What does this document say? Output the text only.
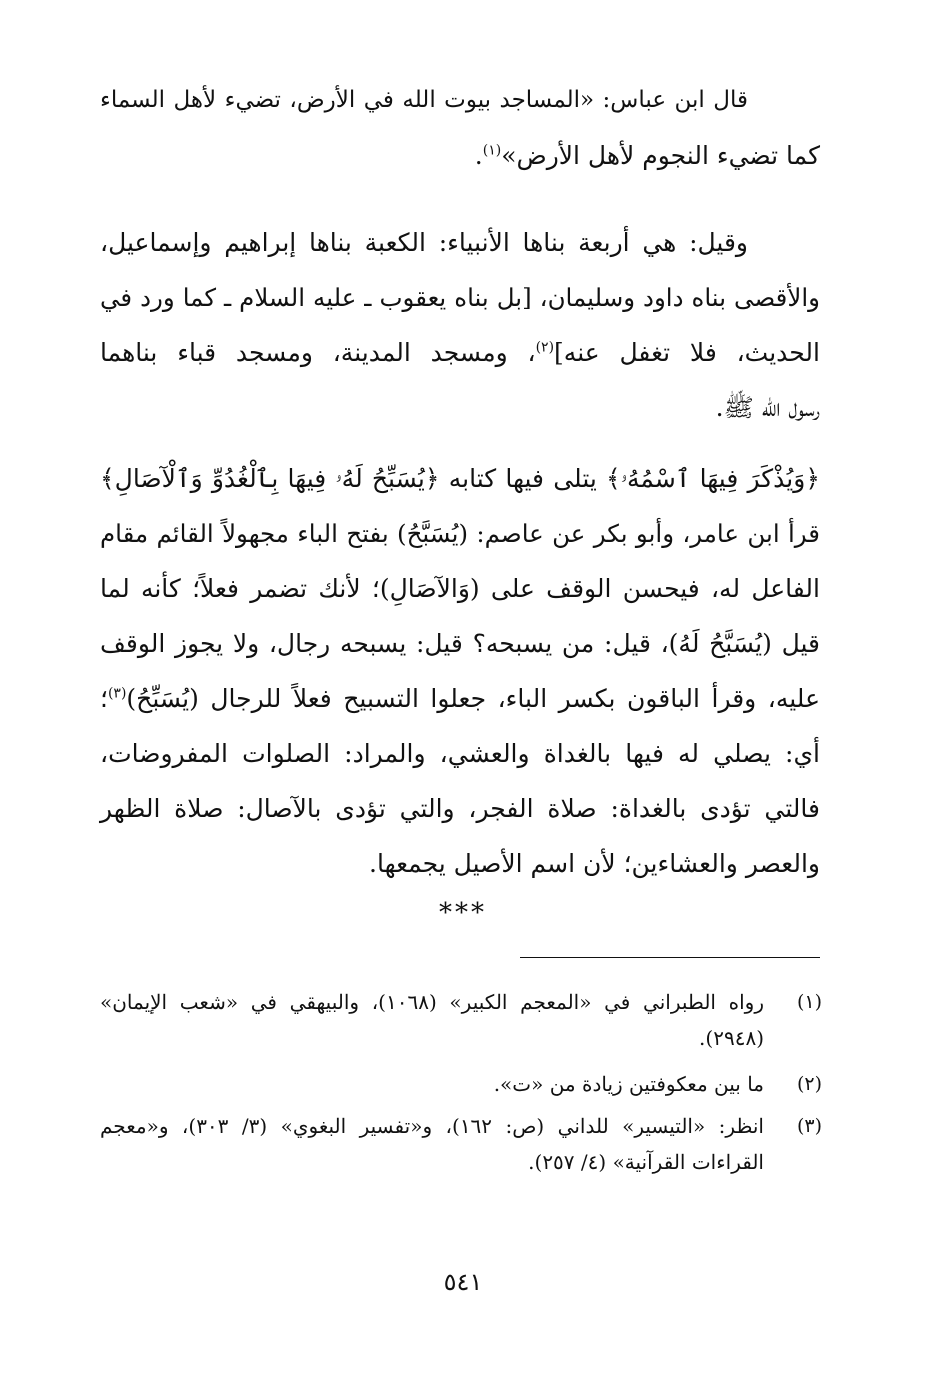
قال ابن عباس: «المساجد بيوت الله في الأرض، تضيء لأهل السماء
كما تضيء النجوم لأهل الأرض»$^{(١)}$.
وقيل: هي أربعة بناها الأنبياء: الكعبة بناها إبراهيم وإسماعيل،
والأقصى بناه داود وسليمان، [بل بناه يعقوب ـ عليه السلام ـ كما ورد في
الحديث، فلا تغفل عنه]$^{(٢)}$، ومسجد المدينة، ومسجد قباء بناهما
رسول الله ﷺ.
﴿وَيُذْكَرَ فِيهَا ٱسْمُهُۥ﴾ يتلى فيها كتابه ﴿يُسَبِّحُ لَهُۥ فِيهَا بِٱلْغُدُوِّ وَٱلْآصَالِ﴾
قرأ ابن عامر، وأبو بكر عن عاصم: (يُسَبَّحُ) بفتح الباء مجهولاً القائم مقام
الفاعل له، فيحسن الوقف على (وَالآصَالِ)؛ لأنك تضمر فعلاً؛ كأنه لما
قيل (يُسَبَّحُ لَهُ)، قيل: من يسبحه؟ قيل: يسبحه رجال، ولا يجوز الوقف
عليه، وقرأ الباقون بكسر الباء، جعلوا التسبيح فعلاً للرجال (يُسَبِّحُ)$^{(٣)}$؛
أي: يصلي له فيها بالغداة والعشي، والمراد: الصلوات المفروضات،
فالتي تؤدى بالغداة: صلاة الفجر، والتي تؤدى بالآصال: صلاة الظهر
والعصر والعشاءين؛ لأن اسم الأصيل يجمعها.
***
(١)
رواه الطبراني في «المعجم الكبير» (١٠٦٨)، والبيهقي في «شعب الإيمان»
(٢٩٤٨).
(٢)
ما بين معكوفتين زيادة من «ت».
(٣)
انظر: «التيسير» للداني (ص: ١٦٢)، و«تفسير البغوي» (٣/ ٣٠٣)، و«معجم
القراءات القرآنية» (٤/ ٢٥٧).
٥٤١
